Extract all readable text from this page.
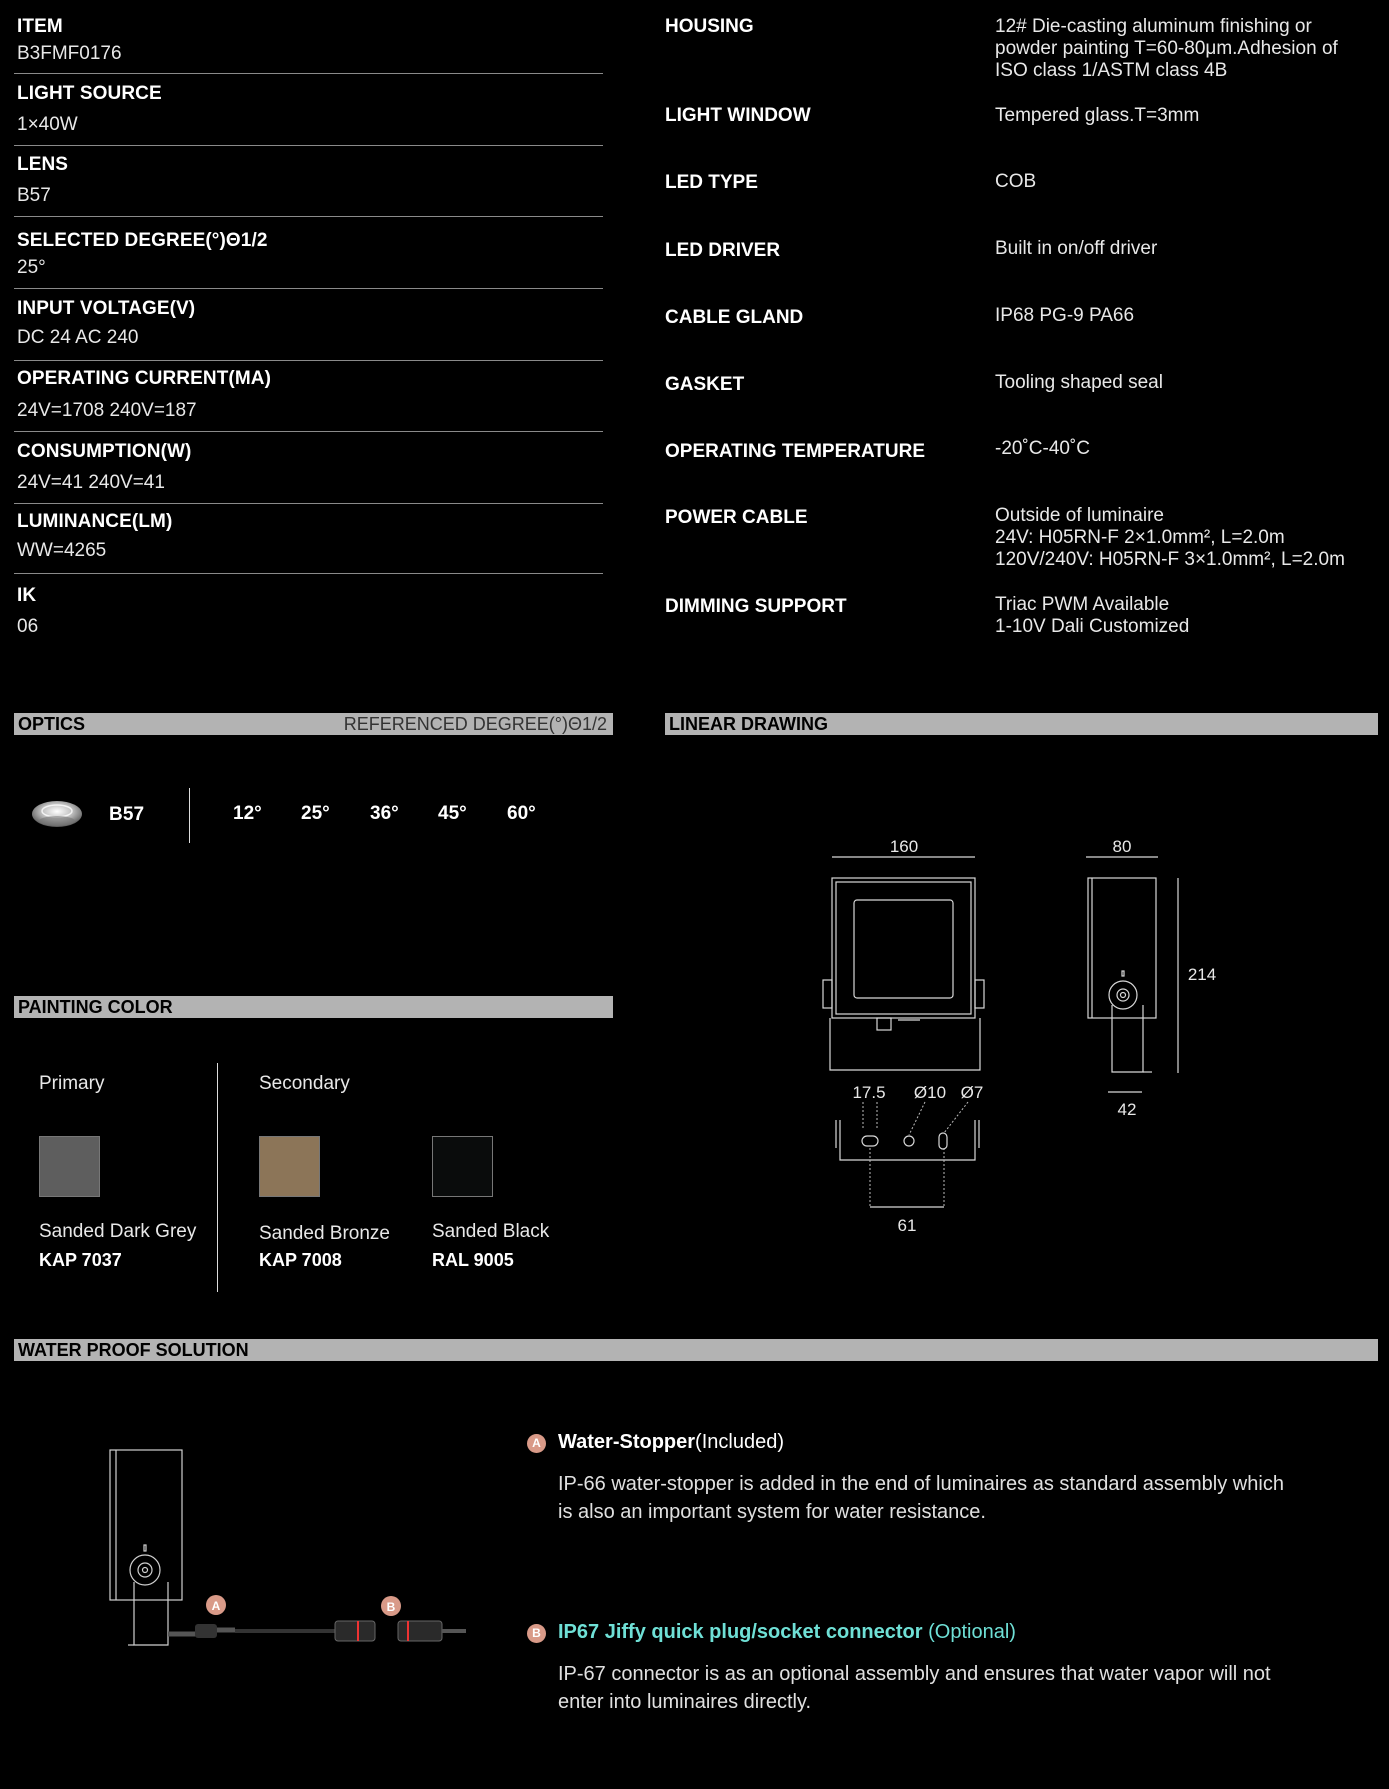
ITEM
B3FMF0176
LIGHT SOURCE
1×40W
LENS
B57
SELECTED DEGREE(°)Θ1/2
25°
INPUT VOLTAGE(V)
DC 24 AC 240
OPERATING CURRENT(MA)
24V=1708 240V=187
CONSUMPTION(W)
24V=41 240V=41
LUMINANCE(LM)
WW=4265
IK
06
HOUSING	12# Die-casting aluminum finishing or
powder painting T=60-80μm.Adhesion of
ISO class 1/ASTM class 4B
LIGHT WINDOW	Tempered glass.T=3mm
LED TYPE	COB
LED DRIVER	Built in on/off driver
CABLE GLAND	IP68 PG-9 PA66
GASKET	Tooling shaped seal
OPERATING TEMPERATURE	-20˚C-40˚C
POWER CABLE	Outside of luminaire
24V: H05RN-F 2×1.0mm², L=2.0m
120V/240V: H05RN-F 3×1.0mm², L=2.0m
DIMMING SUPPORT	Triac PWM Available
1-10V Dali Customized
OPTICS	REFERENCED DEGREE(°)Θ1/2
B57	12° 25° 36° 45° 60°
LINEAR DRAWING
160	80
214
42
17.5 Ø10 Ø7
61
PAINTING COLOR
Primary	Secondary
Sanded Dark Grey
KAP 7037
Sanded Bronze
KAP 7008
Sanded Black
RAL 9005
WATER PROOF SOLUTION
A	B
A Water-Stopper(Included)
IP-66 water-stopper is added in the end of luminaires as standard assembly which is also an important system for water resistance.
B IP67 Jiffy quick plug/socket connector (Optional)
IP-67 connector is as an optional assembly and ensures that water vapor will not enter into luminaires directly.
